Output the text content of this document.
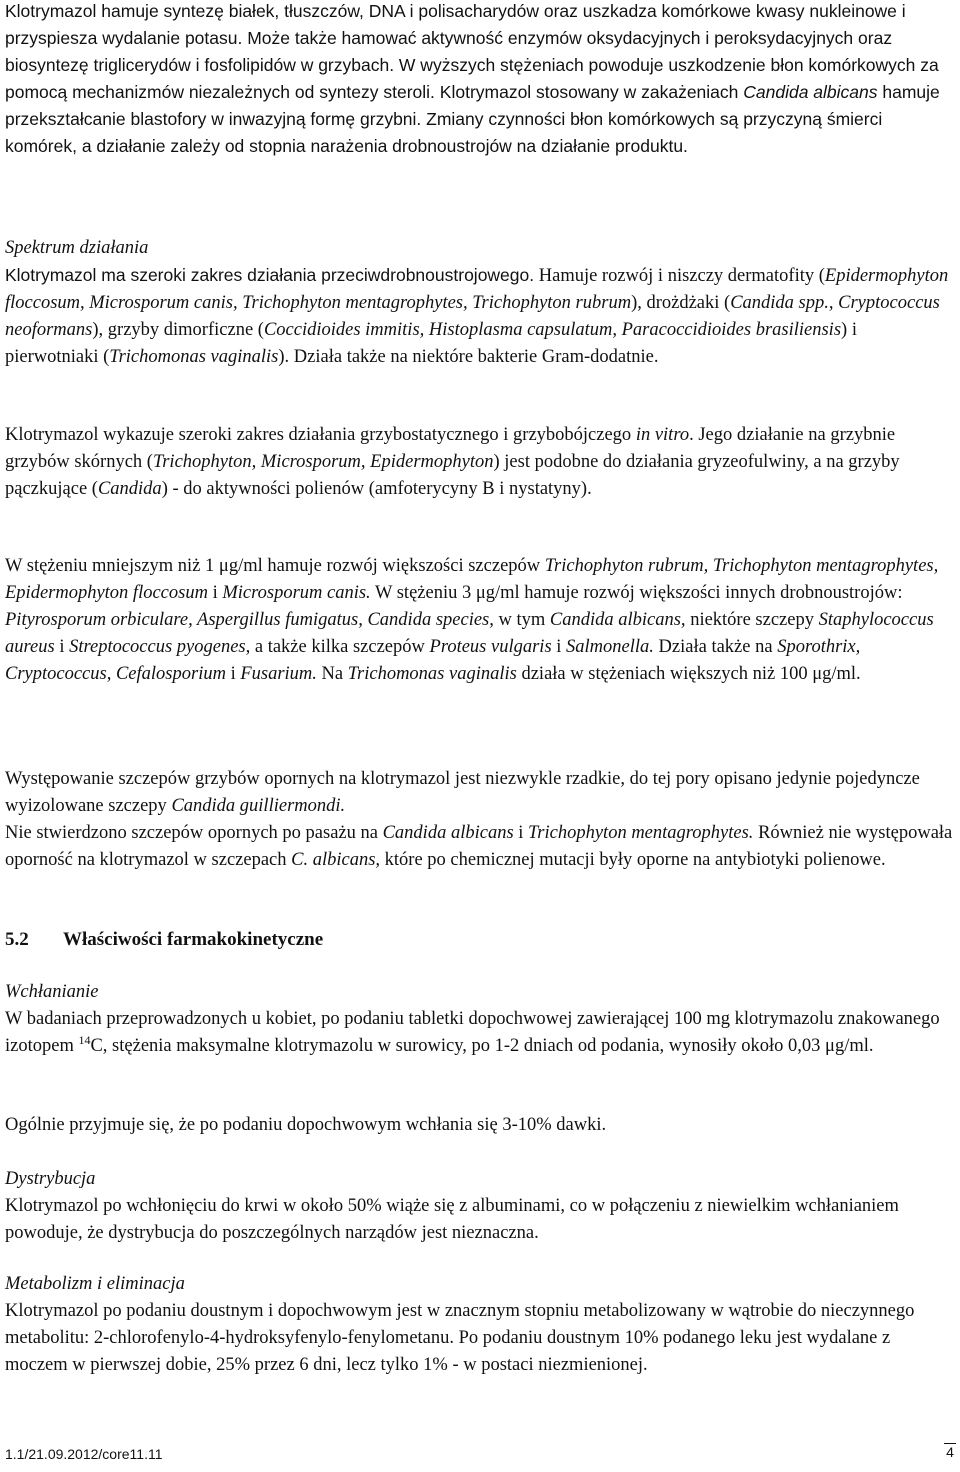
Klotrymazol hamuje syntezę białek, tłuszczów, DNA i polisacharydów oraz uszkadza komórkowe kwasy nukleinowe i przyspiesza wydalanie potasu. Może także hamować aktywność enzymów oksydacyjnych i peroksydacyjnych oraz biosyntezę triglicerydów i fosfolipidów w grzybach. W wyższych stężeniach powoduje uszkodzenie błon komórkowych za pomocą mechanizmów niezależnych od syntezy steroli. Klotrymazol stosowany w zakażeniach Candida albicans hamuje przekształcanie blastofory w inwazyjną formę grzybni. Zmiany czynności błon komórkowych są przyczyną śmierci komórek, a działanie zależy od stopnia narażenia drobnoustrojów na działanie produktu.

Spektrum działania

Klotrymazol ma szeroki zakres działania przeciwdrobnoustrojowego. Hamuje rozwój i niszczy dermatofity (Epidermophyton floccosum, Microsporum canis, Trichophyton mentagrophytes, Trichophyton rubrum), drożdżaki (Candida spp., Cryptococcus neoformans), grzyby dimorficzne (Coccidioides immitis, Histoplasma capsulatum, Paracoccidioides brasiliensis) i pierwotniaki (Trichomonas vaginalis). Działa także na niektóre bakterie Gram-dodatnie.

Klotrymazol wykazuje szeroki zakres działania grzybostatycznego i grzybobójczego in vitro. Jego działanie na grzybnie grzybów skórnych (Trichophyton, Microsporum, Epidermophyton) jest podobne do działania gryzeofulwiny, a na grzyby pączkujące (Candida) - do aktywności polienów (amfoterycyny B i nystatyny).

W stężeniu mniejszym niż 1 μg/ml hamuje rozwój większości szczepów Trichophyton rubrum, Trichophyton mentagrophytes, Epidermophyton floccosum i Microsporum canis. W stężeniu 3 μg/ml hamuje rozwój większości innych drobnoustrojów: Pityrosporum orbiculare, Aspergillus fumigatus, Candida species, w tym Candida albicans, niektóre szczepy Staphylococcus aureus i Streptococcus pyogenes, a także kilka szczepów Proteus vulgaris i Salmonella. Działa także na Sporothrix, Cryptococcus, Cefalosporium i Fusarium. Na Trichomonas vaginalis działa w stężeniach większych niż 100 μg/ml.

Występowanie szczepów grzybów opornych na klotrymazol jest niezwykle rzadkie, do tej pory opisano jedynie pojedyncze wyizolowane szczepy Candida guilliermondi.
Nie stwierdzono szczepów opornych po pasażu na Candida albicans i Trichophyton mentagrophytes. Również nie występowała oporność na klotrymazol w szczepach C. albicans, które po chemicznej mutacji były oporne na antybiotyki polienowe.

5.2 Właściwości farmakokinetyczne

Wchłanianie

W badaniach przeprowadzonych u kobiet, po podaniu tabletki dopochwowej zawierającej 100 mg klotrymazolu znakowanego izotopem $^{14}$C, stężenia maksymalne klotrymazolu w surowicy, po 1-2 dniach od podania, wynosiły około 0,03 μg/ml.

Ogólnie przyjmuje się, że po podaniu dopochwowym wchłania się 3-10% dawki.

Dystrybucja

Klotrymazol po wchłonięciu do krwi w około 50% wiąże się z albuminami, co w połączeniu z niewielkim wchłanianiem powoduje, że dystrybucja do poszczególnych narządów jest nieznaczna.

Metabolizm i eliminacja

Klotrymazol po podaniu doustnym i dopochwowym jest w znacznym stopniu metabolizowany w wątrobie do nieczynnego metabolitu: 2-chlorofenylo-4-hydroksyfenylo-fenylometanu. Po podaniu doustnym 10% podanego leku jest wydalane z moczem w pierwszej dobie, 25% przez 6 dni, lecz tylko 1% - w postaci niezmienionej.

1.1/21.09.2012/core11.11	4
